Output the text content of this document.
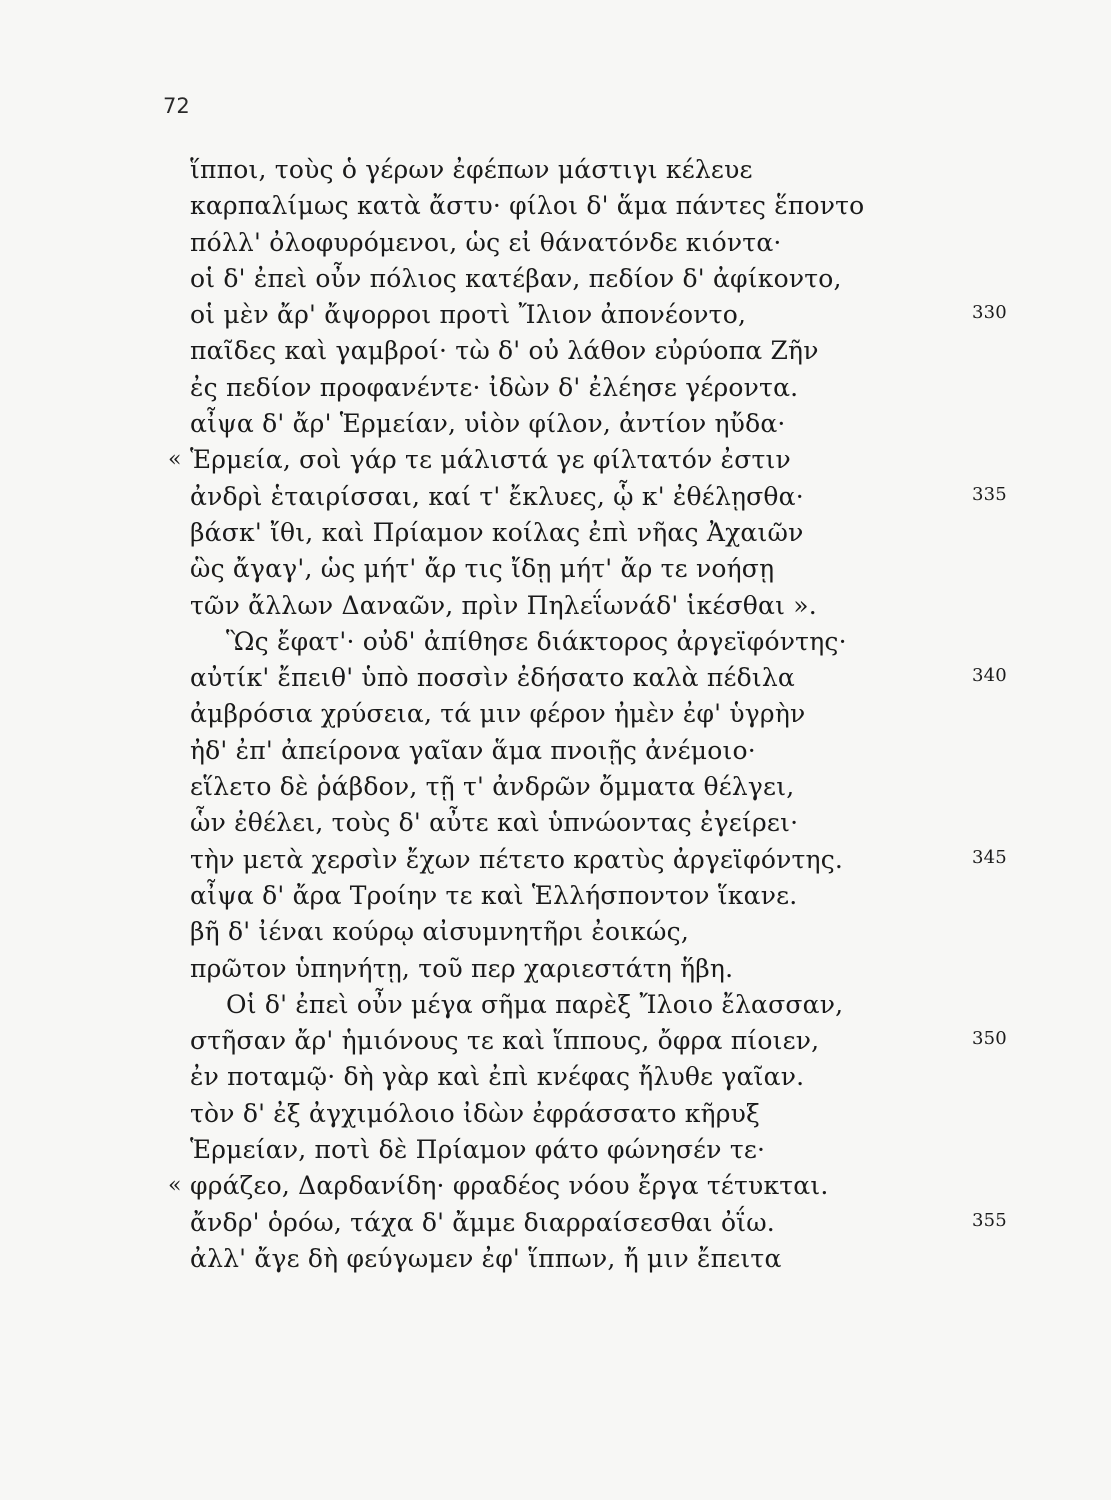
72
ἵπποι, τοὺς ὁ γέρων ἐφέπων μάστιγι κέλευε
καρπαλίμως κατὰ ἄστυ· φίλοι δ' ἅμα πάντες ἕποντο
πόλλ' ὀλοφυρόμενοι, ὡς εἰ θάνατόνδε κιόντα·
οἱ δ' ἐπεὶ οὖν πόλιος κατέβαν, πεδίον δ' ἀφίκοντο,
οἱ μὲν ἄρ' ἄψορροι προτὶ Ἴλιον ἀπονέοντο,	330
παῖδες καὶ γαμβροί· τὼ δ' οὐ λάθον εὐρύοπα Ζῆν
ἐς πεδίον προφανέντε· ἰδὼν δ' ἐλέησε γέροντα.
αἶψα δ' ἄρ' Ἑρμείαν, υἱὸν φίλον, ἀντίον ηὔδα·
« Ἑρμεία, σοὶ γάρ τε μάλιστά γε φίλτατόν ἐστιν
ἀνδρὶ ἑταιρίσσαι, καί τ' ἔκλυες, ᾧ κ' ἐθέλῃσθα·	335
βάσκ' ἴθι, καὶ Πρίαμον κοίλας ἐπὶ νῆας Ἀχαιῶν
ὣς ἄγαγ', ὡς μήτ' ἄρ τις ἴδῃ μήτ' ἄρ τε νοήσῃ
τῶν ἄλλων Δαναῶν, πρὶν Πηλεΐωνάδ' ἱκέσθαι ».
Ὣς ἔφατ'· οὐδ' ἀπίθησε διάκτορος ἀργεϊφόντης·
αὐτίκ' ἔπειθ' ὑπὸ ποσσὶν ἐδήσατο καλὰ πέδιλα	340
ἀμβρόσια χρύσεια, τά μιν φέρον ἠμὲν ἐφ' ὑγρὴν
ἠδ' ἐπ' ἀπείρονα γαῖαν ἅμα πνοιῇς ἀνέμοιο·
εἵλετο δὲ ῥάβδον, τῇ τ' ἀνδρῶν ὄμματα θέλγει,
ὧν ἐθέλει, τοὺς δ' αὖτε καὶ ὑπνώοντας ἐγείρει·
τὴν μετὰ χερσὶν ἔχων πέτετο κρατὺς ἀργεϊφόντης.	345
αἶψα δ' ἄρα Τροίην τε καὶ Ἑλλήσποντον ἵκανε.
βῆ δ' ἰέναι κούρῳ αἰσυμνητῆρι ἐοικώς,
πρῶτον ὑπηνήτῃ, τοῦ περ χαριεστάτη ἥβη.
Οἱ δ' ἐπεὶ οὖν μέγα σῆμα παρὲξ Ἴλοιο ἔλασσαν,
στῆσαν ἄρ' ἡμιόνους τε καὶ ἵππους, ὄφρα πίοιεν,	350
ἐν ποταμῷ· δὴ γὰρ καὶ ἐπὶ κνέφας ἤλυθε γαῖαν.
τὸν δ' ἐξ ἀγχιμόλοιο ἰδὼν ἐφράσσατο κῆρυξ
Ἑρμείαν, ποτὶ δὲ Πρίαμον φάτο φώνησέν τε·
« φράζεο, Δαρδανίδη· φραδέος νόου ἔργα τέτυκται.
ἄνδρ' ὁρόω, τάχα δ' ἄμμε διαρραίσεσθαι ὀΐω.	355
ἀλλ' ἄγε δὴ φεύγωμεν ἐφ' ἵππων, ἤ μιν ἔπειτα
